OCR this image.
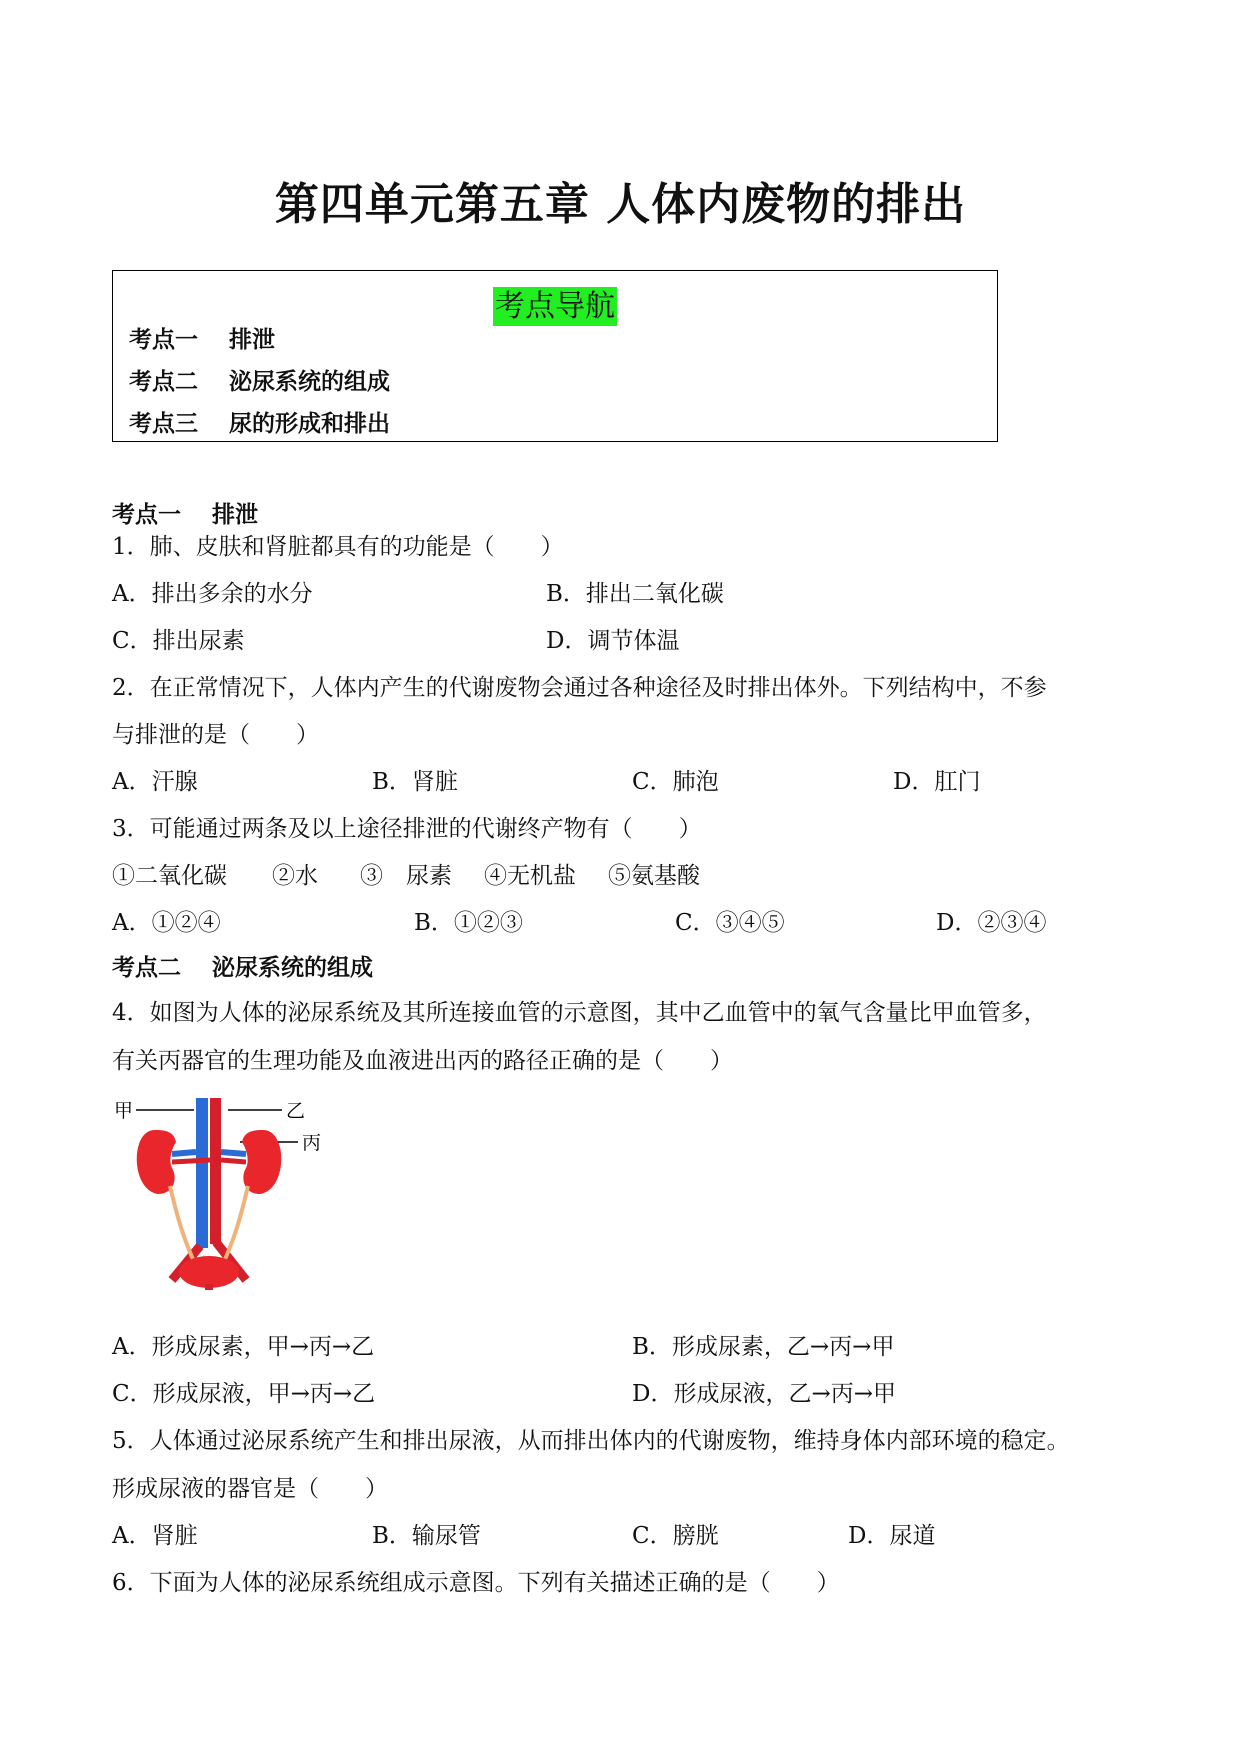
第四单元第五章 人体内废物的排出
考点导航
考点一 排泄
考点二 泌尿系统的组成
考点三 尿的形成和排出
考点一 排泄
1．肺、皮肤和肾脏都具有的功能是（　　）
A．排出多余的水分	B．排出二氧化碳
C．排出尿素	D．调节体温
2．在正常情况下，人体内产生的代谢废物会通过各种途径及时排出体外。下列结构中，不参
与排泄的是（　　）
A．汗腺	B．肾脏	C．肺泡	D．肛门
3．可能通过两条及以上途径排泄的代谢终产物有（　　）
①二氧化碳 ②水 ③　尿素 ④无机盐 ⑤氨基酸
A．①②④	B．①②③	C．③④⑤	D．②③④
考点二 泌尿系统的组成
4．如图为人体的泌尿系统及其所连接血管的示意图，其中乙血管中的氧气含量比甲血管多，
有关丙器官的生理功能及血液进出丙的路径正确的是（　　）
甲	乙
丙
A．形成尿素，甲→丙→乙	B．形成尿素，乙→丙→甲
C．形成尿液，甲→丙→乙	D．形成尿液，乙→丙→甲
5．人体通过泌尿系统产生和排出尿液，从而排出体内的代谢废物，维持身体内部环境的稳定。
形成尿液的器官是（　　）
A．肾脏	B．输尿管	C．膀胱	D．尿道
6．下面为人体的泌尿系统组成示意图。下列有关描述正确的是（　　）
